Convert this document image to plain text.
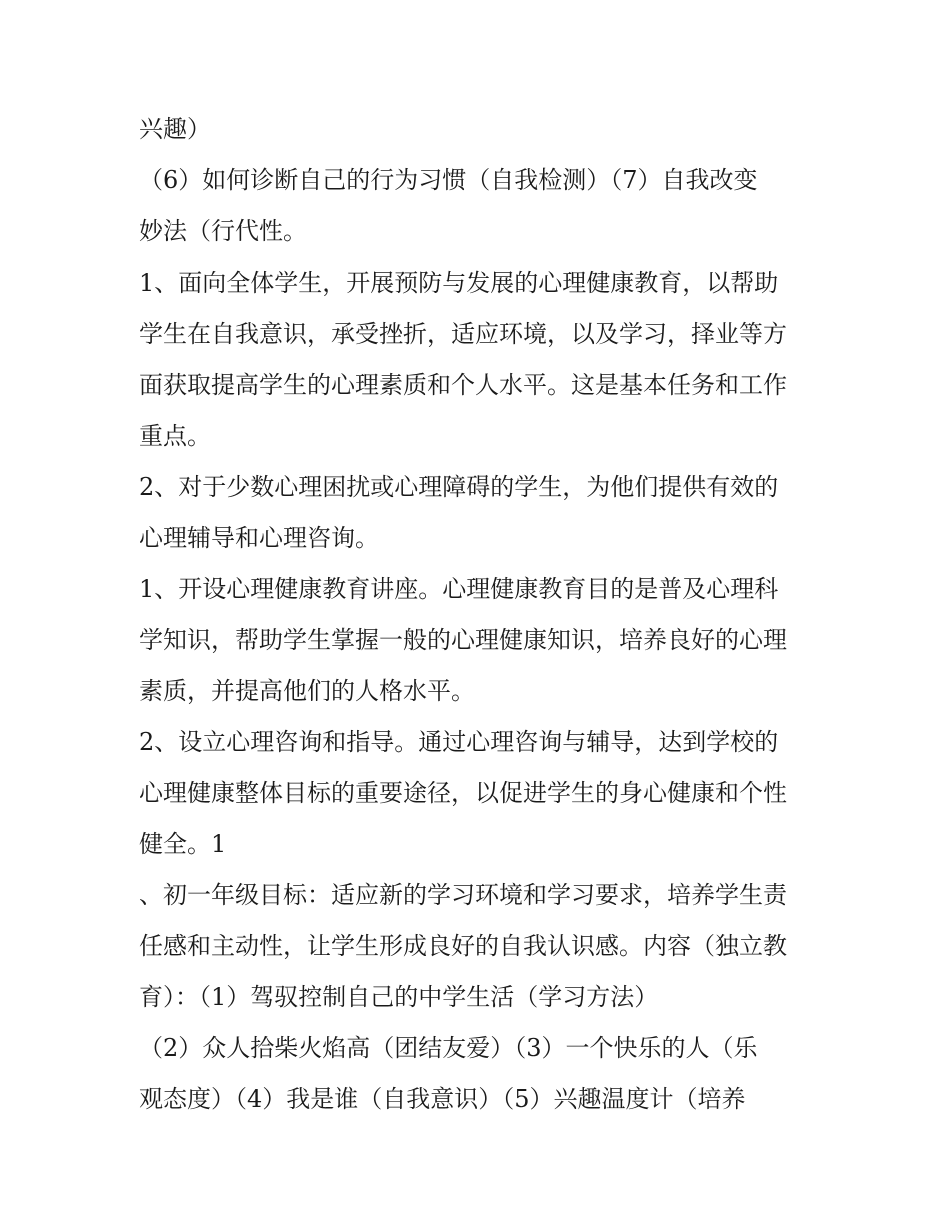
兴趣）

（6）如何诊断自己的行为习惯（自我检测）（7）自我改变

妙法（行代性。

1、面向全体学生，开展预防与发展的心理健康教育，以帮助

学生在自我意识，承受挫折，适应环境，以及学习，择业等方

面获取提高学生的心理素质和个人水平。这是基本任务和工作

重点。

2、对于少数心理困扰或心理障碍的学生，为他们提供有效的

心理辅导和心理咨询。

1、开设心理健康教育讲座。心理健康教育目的是普及心理科

学知识，帮助学生掌握一般的心理健康知识，培养良好的心理

素质，并提高他们的人格水平。

2、设立心理咨询和指导。通过心理咨询与辅导，达到学校的

心理健康整体目标的重要途径，以促进学生的身心健康和个性

健全。1

、初一年级目标：适应新的学习环境和学习要求，培养学生责

任感和主动性，让学生形成良好的自我认识感。内容（独立教

育）：（1）驾驭控制自己的中学生活（学习方法）

（2）众人拾柴火焰高（团结友爱）（3）一个快乐的人（乐

观态度）（4）我是谁（自我意识）（5）兴趣温度计（培养
